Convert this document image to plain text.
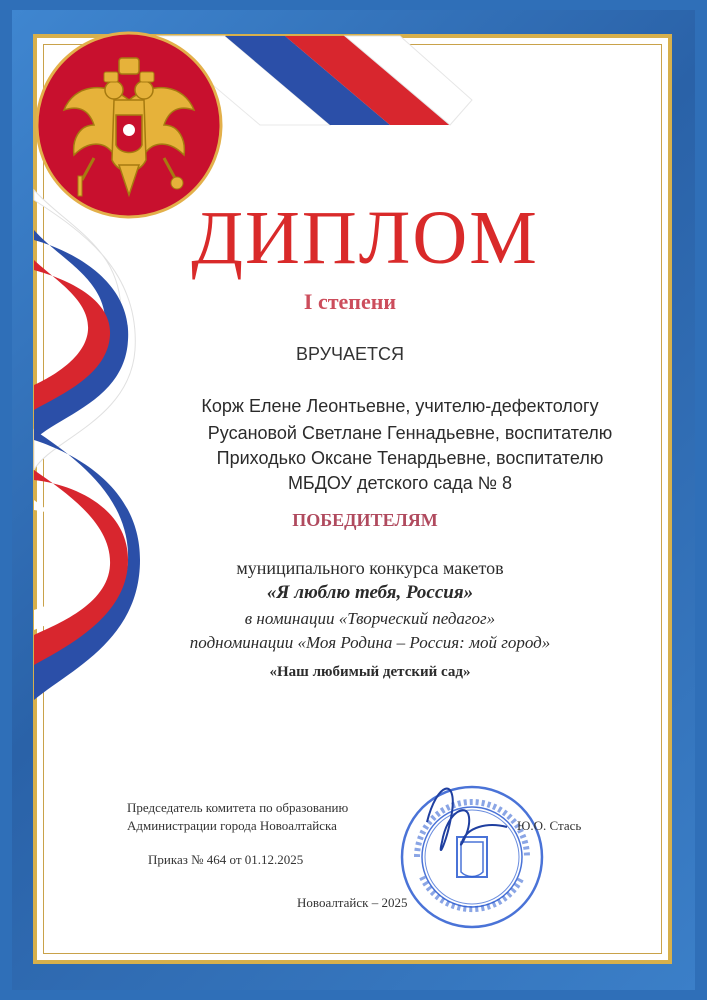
ДИПЛОМ
I степени
ВРУЧАЕТСЯ
Корж Елене Леонтьевне, учителю-дефектологу
Русановой Светлане Геннадьевне, воспитателю
Приходько Оксане Тенардьевне, воспитателю
МБДОУ детского сада № 8
ПОБЕДИТЕЛЯМ
муниципального конкурса макетов
«Я люблю тебя, Россия»
в номинации «Творческий педагог»
подноминации «Моя Родина – Россия: мой город»
«Наш любимый детский сад»
Председатель комитета по образованию
Администрации города Новоалтайска	Ю.О. Стась
Приказ № 464 от 01.12.2025
Новоалтайск – 2025
